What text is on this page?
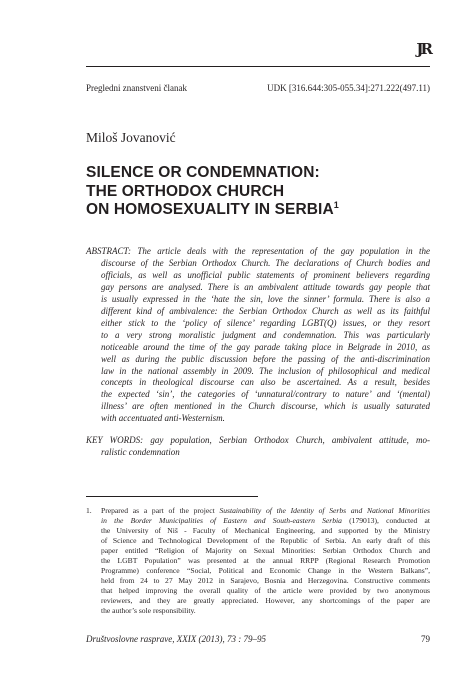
ЈR
Pregledni znanstveni članak	UDK [316.644:305-055.34]:271.222(497.11)
Miloš Jovanović
SILENCE OR CONDEMNATION:
THE ORTHODOX CHURCH
ON HOMOSEXUALITY IN SERBIA$^1$
ABSTRACT: The article deals with the representation of the gay population in the
discourse of the Serbian Orthodox Church. The declarations of Church bodies and
officials, as well as unofficial public statements of prominent believers regarding
gay persons are analysed. There is an ambivalent attitude towards gay people that
is usually expressed in the ‘hate the sin, love the sinner’ formula. There is also a
different kind of ambivalence: the Serbian Orthodox Church as well as its faithful
either stick to the ‘policy of silence’ regarding LGBT(Q) issues, or they resort
to a very strong moralistic judgment and condemnation. This was particularly
noticeable around the time of the gay parade taking place in Belgrade in 2010, as
well as during the public discussion before the passing of the anti-discrimination
law in the national assembly in 2009. The inclusion of philosophical and medical
concepts in theological discourse can also be ascertained. As a result, besides
the expected ‘sin’, the categories of ‘unnatural/contrary to nature’ and ‘(mental)
illness’ are often mentioned in the Church discourse, which is usually saturated
with accentuated anti-Westernism.
KEY WORDS: gay population, Serbian Orthodox Church, ambivalent attitude, mo-
ralistic condemnation
1. Prepared as a part of the project Sustainability of the Identity of Serbs and National Minorities
in the Border Municipalities of Eastern and South-eastern Serbia (179013), conducted at
the University of Niš - Faculty of Mechanical Engineering, and supported by the Ministry
of Science and Technological Development of the Republic of Serbia. An early draft of this
paper entitled “Religion of Majority on Sexual Minorities: Serbian Orthodox Church and
the LGBT Population” was presented at the annual RRPP (Regional Research Promotion
Programme) conference “Social, Political and Economic Change in the Western Balkans”,
held from 24 to 27 May 2012 in Sarajevo, Bosnia and Herzegovina. Constructive comments
that helped improving the overall quality of the article were provided by two anonymous
reviewers, and they are greatly appreciated. However, any shortcomings of the paper are
the author’s sole responsibility.
Društvoslovne rasprave, XXIX (2013), 73 : 79–95	79
